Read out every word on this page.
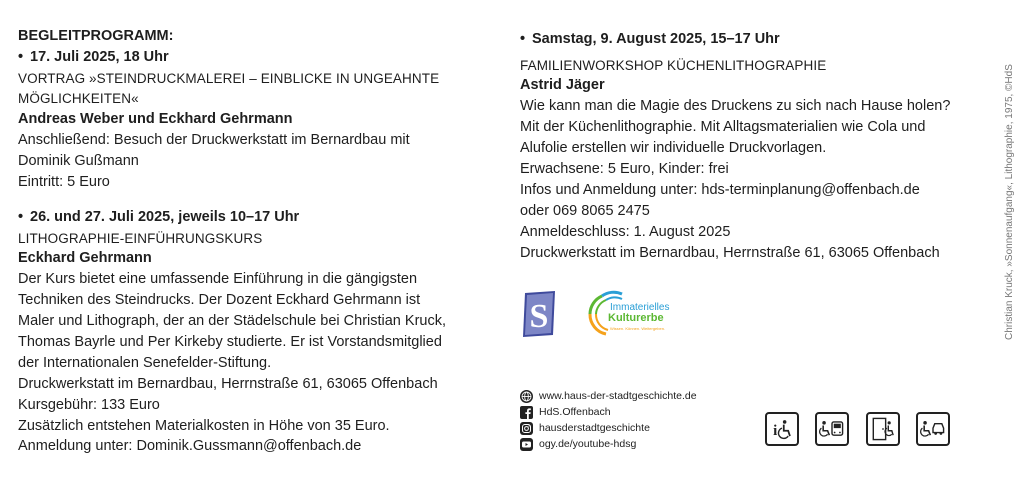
BEGLEITPROGRAMM:
• 17. Juli 2025, 18 Uhr
VORTRAG »STEINDRUCKMALEREI – EINBLICKE IN UNGEAHNTE
MÖGLICHKEITEN«
Andreas Weber und Eckhard Gehrmann
Anschließend: Besuch der Druckwerkstatt im Bernardbau mit
Dominik Gußmann
Eintritt: 5 Euro
• 26. und 27. Juli 2025, jeweils 10–17 Uhr
LITHOGRAPHIE-EINFÜHRUNGSKURS
Eckhard Gehrmann
Der Kurs bietet eine umfassende Einführung in die gängigsten
Techniken des Steindrucks. Der Dozent Eckhard Gehrmann ist
Maler und Lithograph, der an der Städelschule bei Christian Kruck,
Thomas Bayrle und Per Kirkeby studierte. Er ist Vorstandsmitglied
der Internationalen Senefelder-Stiftung.
Druckwerkstatt im Bernardbau, Herrnstraße 61, 63065 Offenbach
Kursgebühr: 133 Euro
Zusätzlich entstehen Materialkosten in Höhe von 35 Euro.
Anmeldung unter: Dominik.Gussmann@offenbach.de
• Samstag, 9. August 2025, 15–17 Uhr
FAMILIENWORKSHOP KÜCHENLITHOGRAPHIE
Astrid Jäger
Wie kann man die Magie des Druckens zu sich nach Hause holen?
Mit der Küchenlithographie. Mit Alltagsmaterialien wie Cola und
Alufolie erstellen wir individuelle Druckvorlagen.
Erwachsene: 5 Euro, Kinder: frei
Infos und Anmeldung unter: hds-terminplanung@offenbach.de
oder 069 8065 2475
Anmeldeschluss: 1. August 2025
Druckwerkstatt im Bernardbau, Herrnstraße 61, 63065 Offenbach
S	Immaterielles
Kulturerbe
Wissen. Können. Weitergeben.
www.haus-der-stadtgeschichte.de
HdS.Offenbach
hausderstadtgeschichte
ogy.de/youtube-hdsg
i
Christian Kruck, »Sonnenaufgang«, Lithographie, 1975, ©HdS
